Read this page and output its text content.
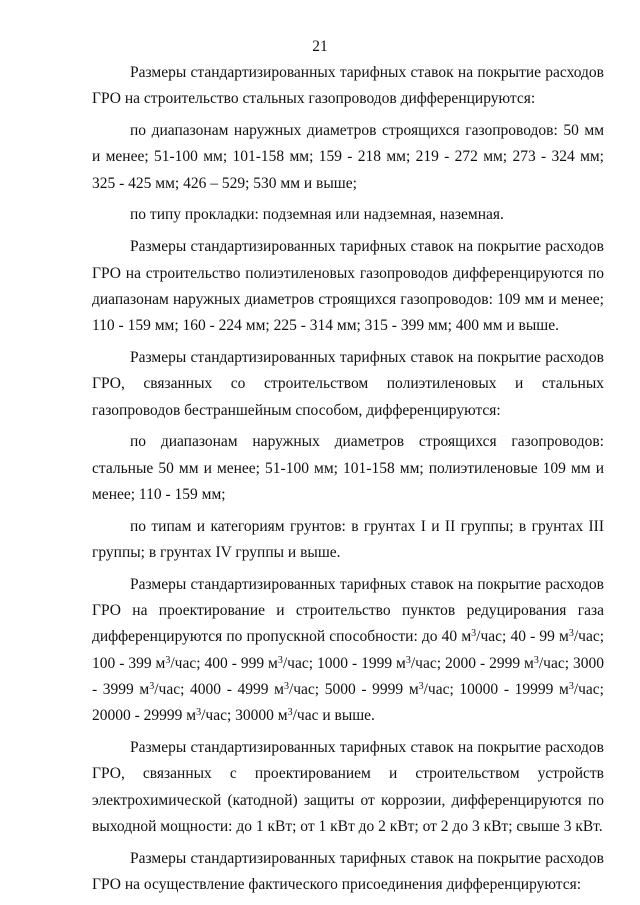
21

Размеры стандартизированных тарифных ставок на покрытие расходов ГРО на строительство стальных газопроводов дифференцируются:

по диапазонам наружных диаметров строящихся газопроводов: 50 мм и менее; 51-100 мм; 101-158 мм; 159 - 218 мм; 219 - 272 мм; 273 - 324 мм; 325 - 425 мм; 426 – 529; 530 мм и выше;

по типу прокладки: подземная или надземная, наземная.

Размеры стандартизированных тарифных ставок на покрытие расходов ГРО на строительство полиэтиленовых газопроводов дифференцируются по диапазонам наружных диаметров строящихся газопроводов: 109 мм и менее; 110 - 159 мм; 160 - 224 мм; 225 - 314 мм; 315 - 399 мм; 400 мм и выше.

Размеры стандартизированных тарифных ставок на покрытие расходов ГРО, связанных со строительством полиэтиленовых и стальных газопроводов бестраншейным способом, дифференцируются:

по диапазонам наружных диаметров строящихся газопроводов: стальные 50 мм и менее; 51-100 мм; 101-158 мм; полиэтиленовые 109 мм и менее; 110 - 159 мм;

по типам и категориям грунтов: в грунтах I и II группы; в грунтах III группы; в грунтах IV группы и выше.

Размеры стандартизированных тарифных ставок на покрытие расходов ГРО на проектирование и строительство пунктов редуцирования газа дифференцируются по пропускной способности: до 40 $м^3$/час; 40 - 99 $м^3$/час; 100 - 399 $м^3$/час; 400 - 999 $м^3$/час; 1000 - 1999 $м^3$/час; 2000 - 2999 $м^3$/час; 3000 - 3999 $м^3$/час; 4000 - 4999 $м^3$/час; 5000 - 9999 $м^3$/час; 10000 - 19999 $м^3$/час; 20000 - 29999 $м^3$/час; 30000 $м^3$/час и выше.

Размеры стандартизированных тарифных ставок на покрытие расходов ГРО, связанных с проектированием и строительством устройств электрохимической (катодной) защиты от коррозии, дифференцируются по выходной мощности: до 1 кВт; от 1 кВт до 2 кВт; от 2 до 3 кВт; свыше 3 кВт.

Размеры стандартизированных тарифных ставок на покрытие расходов ГРО на осуществление фактического присоединения дифференцируются:
